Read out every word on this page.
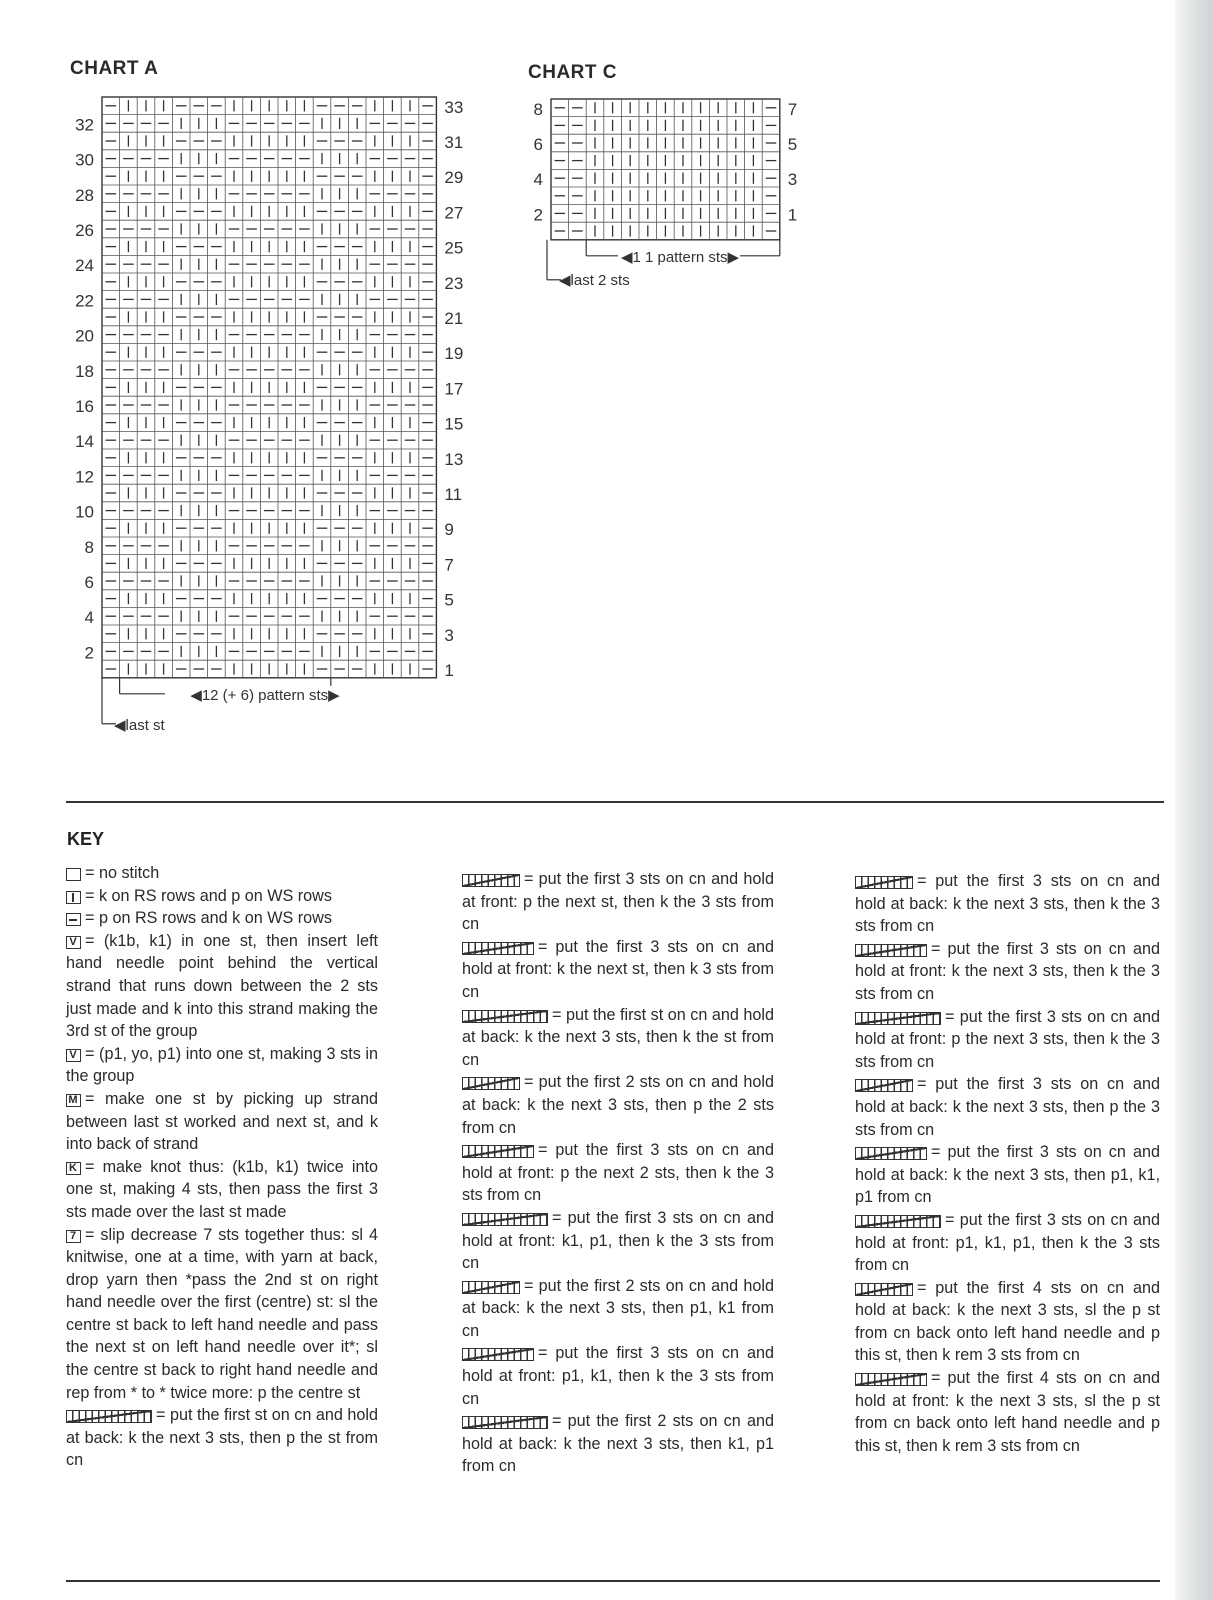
CHART A	CHART C
33
31
29
27
25
23
21
19
17
15
13
11
9
7
5
3
1
32
30
28
26
24
22
20
18
16
14
12
10
8
6
4
2
◀12 (+ 6) pattern sts▶
◀last st
7
5
3
1
8
6
4
2
◀1 1 pattern sts▶
◀last 2 sts
KEY

= no stitch

= k on RS rows and p on WS rows

= p on RS rows and k on WS rows

V= (k1b, k1) in one st, then insert left hand needle point behind the vertical strand that runs down between the 2 sts just made and k into this strand making the 3rd st of the group

V= (p1, yo, p1) into one st, making 3 sts in the group

M= make one st by picking up strand between last st worked and next st, and k into back of strand

K= make knot thus: (k1b, k1) twice into one st, making 4 sts, then pass the first 3 sts made over the last st made

7= slip decrease 7 sts together thus: sl 4 knitwise, one at a time, with yarn at back, drop yarn then *pass the 2nd st on right hand needle over the first (centre) st: sl the centre st back to left hand needle and pass the next st on left hand needle over it*; sl the centre st back to right hand needle and rep from * to * twice more: p the centre st

= put the first st on cn and hold at back: k the next 3 sts, then p the st from cn

= put the first 3 sts on cn and hold at front: p the next st, then k the 3 sts from cn

= put the first 3 sts on cn and hold at front: k the next st, then k 3 sts from cn

= put the first st on cn and hold at back: k the next 3 sts, then k the st from cn

= put the first 2 sts on cn and hold at back: k the next 3 sts, then p the 2 sts from cn

= put the first 3 sts on cn and hold at front: p the next 2 sts, then k the 3 sts from cn

= put the first 3 sts on cn and hold at front: k1, p1, then k the 3 sts from cn

= put the first 2 sts on cn and hold at back: k the next 3 sts, then p1, k1 from cn

= put the first 3 sts on cn and hold at front: p1, k1, then k the 3 sts from cn

= put the first 2 sts on cn and hold at back: k the next 3 sts, then k1, p1 from cn

= put the first 3 sts on cn and hold at back: k the next 3 sts, then k the 3 sts from cn

= put the first 3 sts on cn and hold at front: k the next 3 sts, then k the 3 sts from cn

= put the first 3 sts on cn and hold at front: p the next 3 sts, then k the 3 sts from cn

= put the first 3 sts on cn and hold at back: k the next 3 sts, then p the 3 sts from cn

= put the first 3 sts on cn and hold at back: k the next 3 sts, then p1, k1, p1 from cn

= put the first 3 sts on cn and hold at front: p1, k1, p1, then k the 3 sts from cn

= put the first 4 sts on cn and hold at back: k the next 3 sts, sl the p st from cn back onto left hand needle and p this st, then k rem 3 sts from cn

= put the first 4 sts on cn and hold at front: k the next 3 sts, sl the p st from cn back onto left hand needle and p this st, then k rem 3 sts from cn
